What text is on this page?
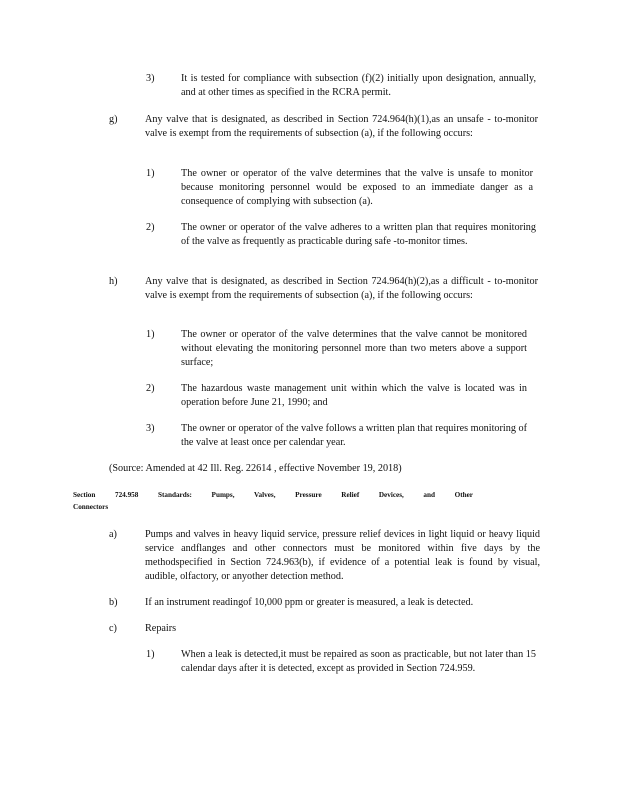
3)	It is tested for compliance with subsection (f)(2) initially upon designation, annually, and at other times as specified in the RCRA permit.
g)	Any valve that is designated, as described in Section 724.964(h)(1),as an unsafe - to-monitor valve is exempt from the requirements of subsection (a), if the following occurs:
1)	The owner or operator of the valve determines that the valve is unsafe to monitor because monitoring personnel would be exposed to an immediate danger as a consequence of complying with subsection (a).
2)	The owner or operator of the valve adheres to a written plan that requires monitoring of the valve as frequently as practicable during safe -to-monitor times.
h)	Any valve that is designated, as described in Section 724.964(h)(2),as a difficult - to-monitor valve is exempt from the requirements of subsection (a), if the following occurs:
1)	The owner or operator of the valve determines that the valve cannot be monitored without elevating the monitoring personnel more than two meters above a support surface;
2)	The hazardous waste management unit within which the valve is located was in operation before June 21, 1990; and
3)	The owner or operator of the valve follows a written plan that requires monitoring of the valve at least once per calendar year.
(Source: Amended at 42 Ill. Reg. 22614 , effective November 19, 2018)
Section 724.958 Standards: Pumps, Valves, Pressure Relief Devices, and Other
Connectors
a)	Pumps and valves in heavy liquid service, pressure relief devices in light liquid or heavy liquid service andflanges and other connectors must be monitored within five days by the methodspecified in Section 724.963(b), if evidence of a potential leak is found by visual, audible, olfactory, or anyother detection method.
b)	If an instrument readingof 10,000 ppm or greater is measured, a leak is detected.
c)	Repairs
1)	When a leak is detected,it must be repaired as soon as practicable, but not later than 15 calendar days after it is detected, except as provided in Section 724.959.
